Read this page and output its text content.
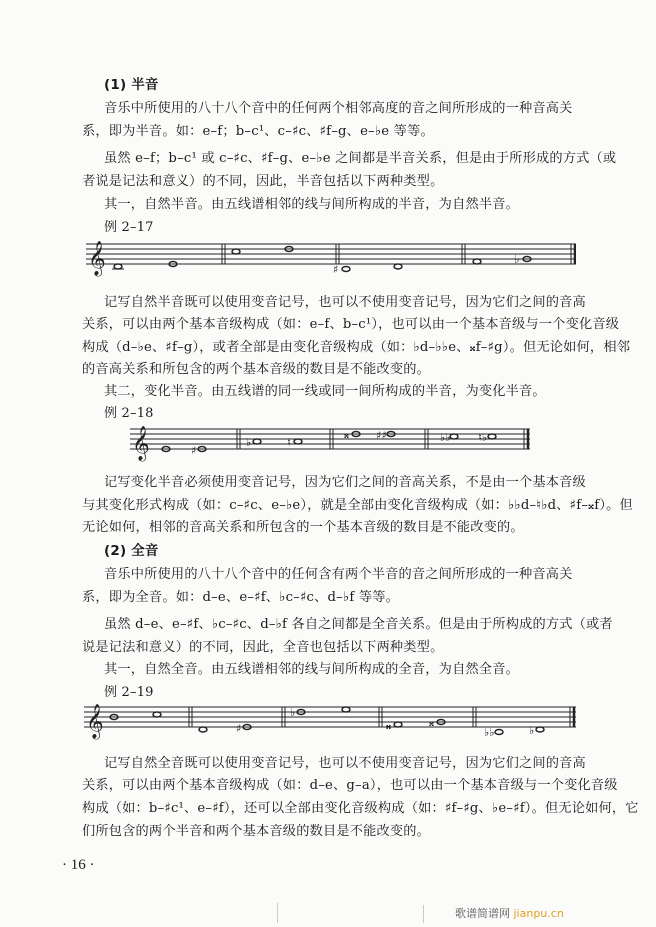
(1) 半音
音乐中所使用的八十八个音中的任何两个相邻高度的音之间所形成的一种音高关
系，即为半音。如：e–f；b–c¹、c–♯c、♯f–g、e–♭e 等等。
虽然 e–f；b–c¹ 或 c–♯c、♯f–g、e–♭e 之间都是半音关系，但是由于所形成的方式（或
者说是记法和意义）的不同，因此，半音包括以下两种类型。
其一，自然半音。由五线谱相邻的线与间所构成的半音，为自然半音。
例 2–17
𝄞	♯
♭
记写自然半音既可以使用变音记号，也可以不使用变音记号，因为它们之间的音高
关系，可以由两个基本音级构成（如：e–f、b–c¹），也可以由一个基本音级与一个变化音级
构成（d–♭e、♯f–g），或者全部是由变化音级构成（如：♭d–♭♭e、𝄪f–♯g）。但无论如何，相邻
的音高关系和所包含的两个基本音级的数目是不能改变的。
其二，变化半音。由五线谱的同一线或同一间所构成的半音，为变化半音。
例 2–18
𝄞	♯
♭	♮
𝄪 ♯♯	♭♭	♮♭
记写变化半音必须使用变音记号，因为它们之间的音高关系，不是由一个基本音级
与其变化形式构成（如：c–♯c、e–♭e），就是全部由变化音级构成（如：♭♭d–♮♭d、♯f–𝄪f）。但
无论如何，相邻的音高关系和所包含的一个基本音级的数目是不能改变的。
(2) 全音
音乐中所使用的八十八个音中的任何含有两个半音的音之间所形成的一种音高关
系，即为全音。如：d–e、e–♯f、♭c–♯c、d–♭f 等等。
虽然 d–e、e–♯f、♭c–♯c、d–♭f 各自之间都是全音关系。但是由于所构成的方式（或者
说是记法和意义）的不同，因此，全音也包括以下两种类型。
其一，自然全音。由五线谱相邻的线与间所构成的全音，为自然全音。
例 2–19
𝄞	♯
♭
𝄪	𝄪
♭♭	♭
记写自然全音既可以使用变音记号，也可以不使用变音记号，因为它们之间的音高
关系，可以由两个基本音级构成（如：d–e、g–a），也可以由一个基本音级与一个变化音级
构成（如：b–♯c¹、e–♯f），还可以全部由变化音级构成（如：♯f–♯g、♭e–♯f）。但无论如何，它
们所包含的两个半音和两个基本音级的数目是不能改变的。
· 16 ·
歌谱简谱网 jianpu.cn
